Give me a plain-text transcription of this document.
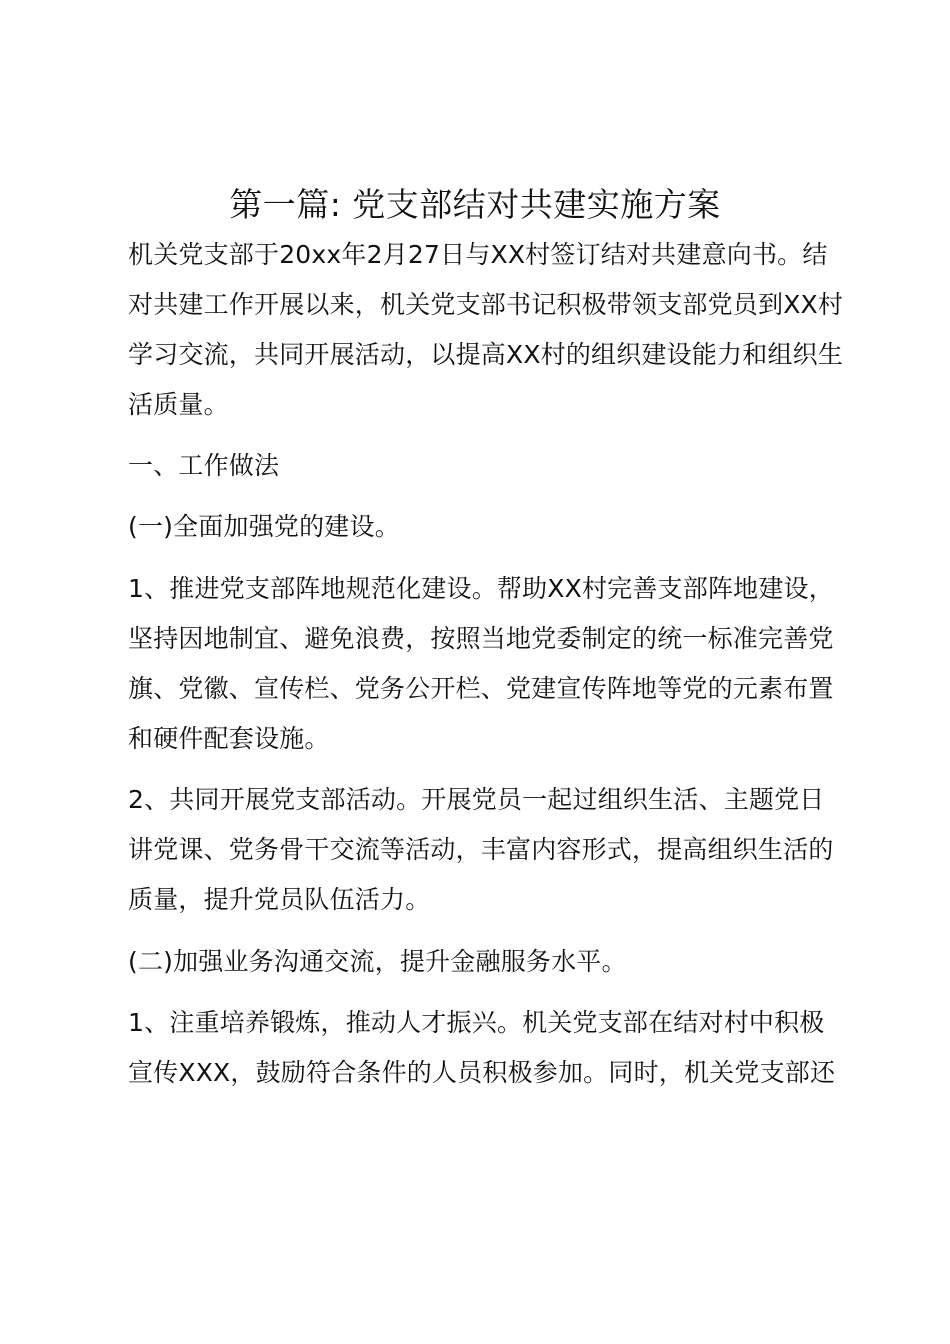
第一篇: 党支部结对共建实施方案
机关党支部于20xx年2月27日与XX村签订结对共建意向书。结
对共建工作开展以来，机关党支部书记积极带领支部党员到XX村
学习交流，共同开展活动，以提高XX村的组织建设能力和组织生
活质量。
一、工作做法
(一)全面加强党的建设。
1、推进党支部阵地规范化建设。帮助XX村完善支部阵地建设，
坚持因地制宜、避免浪费，按照当地党委制定的统一标准完善党
旗、党徽、宣传栏、党务公开栏、党建宣传阵地等党的元素布置
和硬件配套设施。
2、共同开展党支部活动。开展党员一起过组织生活、主题党日
讲党课、党务骨干交流等活动，丰富内容形式，提高组织生活的
质量，提升党员队伍活力。
(二)加强业务沟通交流，提升金融服务水平。
1、注重培养锻炼，推动人才振兴。机关党支部在结对村中积极
宣传XXX，鼓励符合条件的人员积极参加。同时，机关党支部还
